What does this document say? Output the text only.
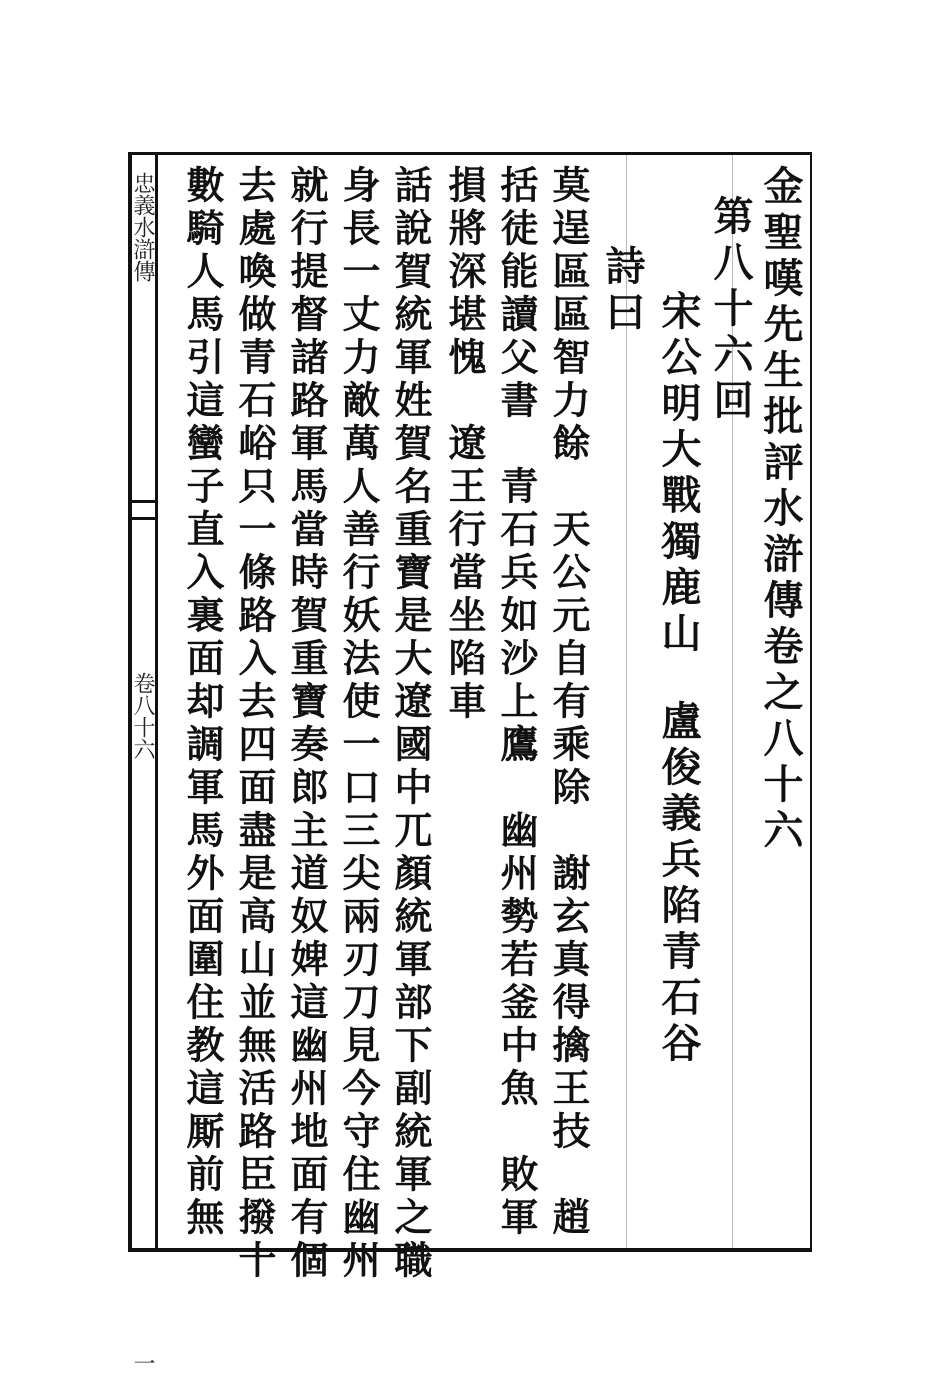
忠義水滸傳
卷八十六
一
金聖嘆先生批評水滸傳卷之八十六
第八十六回
宋公明大戰獨鹿山
盧俊義兵陷青石谷
詩曰
莫逞區區智力餘　天公元自有乘除　謝玄真得擒王技　趙
括徒能讀父書　青石兵如沙上鷹　幽州勢若釜中魚　敗軍
損將深堪愧　遼王行當坐陷車
話說賀統軍姓賀名重寶是大遼國中兀顏統軍部下副統軍之職
身長一丈力敵萬人善行妖法使一口三尖兩刃刀見今守住幽州
就行提督諸路軍馬當時賀重寶奏郎主道奴婢這幽州地面有個
去處喚做青石峪只一條路入去四面盡是高山並無活路臣撥十
數騎人馬引這蠻子直入裏面却調軍馬外面圍住教這厮前無
